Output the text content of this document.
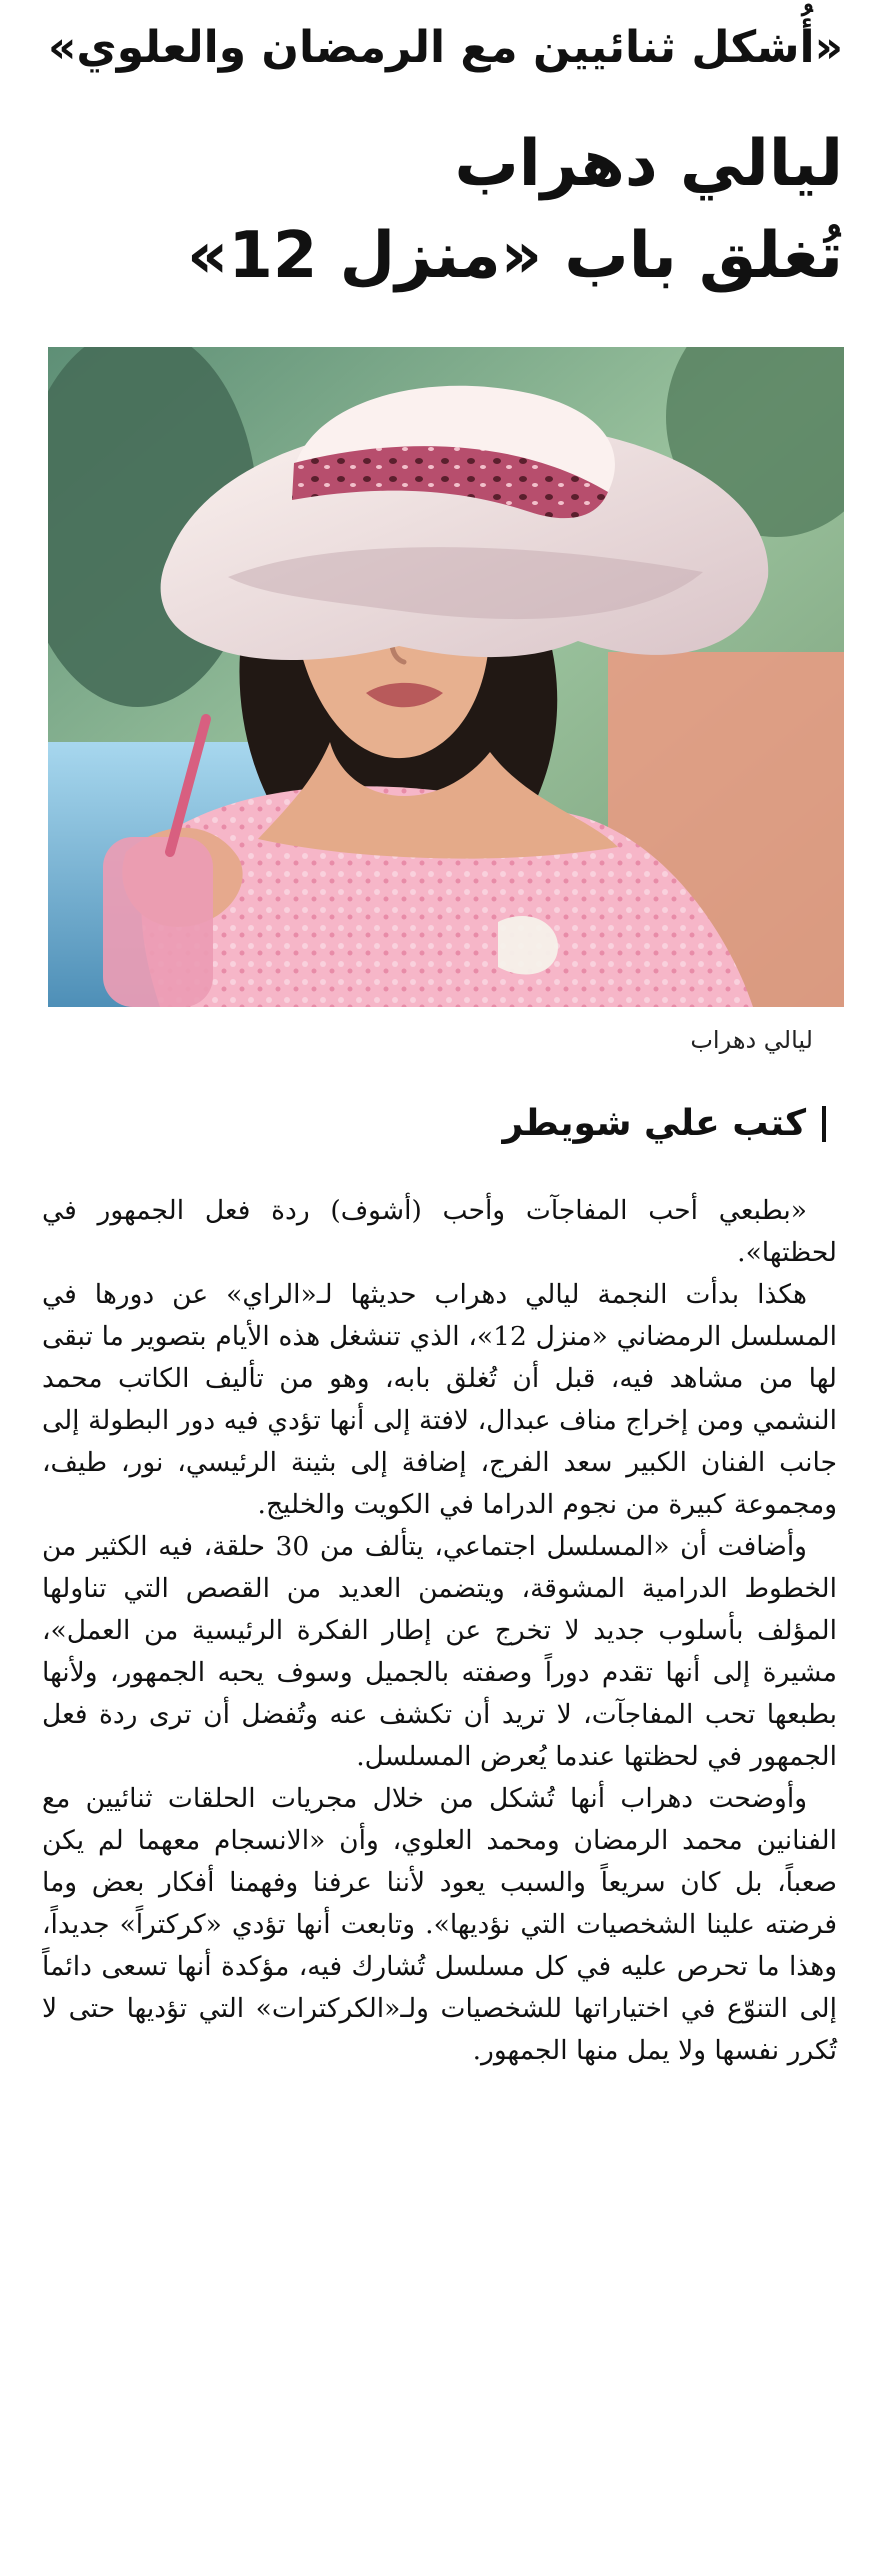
«أُشكل ثنائيين مع الرمضان والعلوي»
ليالي دهراب
تُغلق باب «منزل 12»
ليالي دهراب
كتب علي شويطر

«بطبعي أحب المفاجآت وأحب (أشوف) ردة فعل الجمهور في لحظتها».

هكذا بدأت النجمة ليالي دهراب حديثها لـ«الراي» عن دورها في المسلسل الرمضاني «منزل 12»، الذي تنشغل هذه الأيام بتصوير ما تبقى لها من مشاهد فيه، قبل أن تُغلق بابه، وهو من تأليف الكاتب محمد النشمي ومن إخراج مناف عبدال، لافتة إلى أنها تؤدي فيه دور البطولة إلى جانب الفنان الكبير سعد الفرج، إضافة إلى بثينة الرئيسي، نور، طيف، ومجموعة كبيرة من نجوم الدراما في الكويت والخليج.

وأضافت أن «المسلسل اجتماعي، يتألف من 30 حلقة، فيه الكثير من الخطوط الدرامية المشوقة، ويتضمن العديد من القصص التي تناولها المؤلف بأسلوب جديد لا تخرج عن إطار الفكرة الرئيسية من العمل»، مشيرة إلى أنها تقدم دوراً وصفته بالجميل وسوف يحبه الجمهور، ولأنها بطبعها تحب المفاجآت، لا تريد أن تكشف عنه وتُفضل أن ترى ردة فعل الجمهور في لحظتها عندما يُعرض المسلسل.

وأوضحت دهراب أنها تُشكل من خلال مجريات الحلقات ثنائيين مع الفنانين محمد الرمضان ومحمد العلوي، وأن «الانسجام معهما لم يكن صعباً، بل كان سريعاً والسبب يعود لأننا عرفنا وفهمنا أفكار بعض وما فرضته علينا الشخصيات التي نؤديها». وتابعت أنها تؤدي «كركتراً» جديداً، وهذا ما تحرص عليه في كل مسلسل تُشارك فيه، مؤكدة أنها تسعى دائماً إلى التنوّع في اختياراتها للشخصيات ولـ«الكركترات» التي تؤديها حتى لا تُكرر نفسها ولا يمل منها الجمهور.
